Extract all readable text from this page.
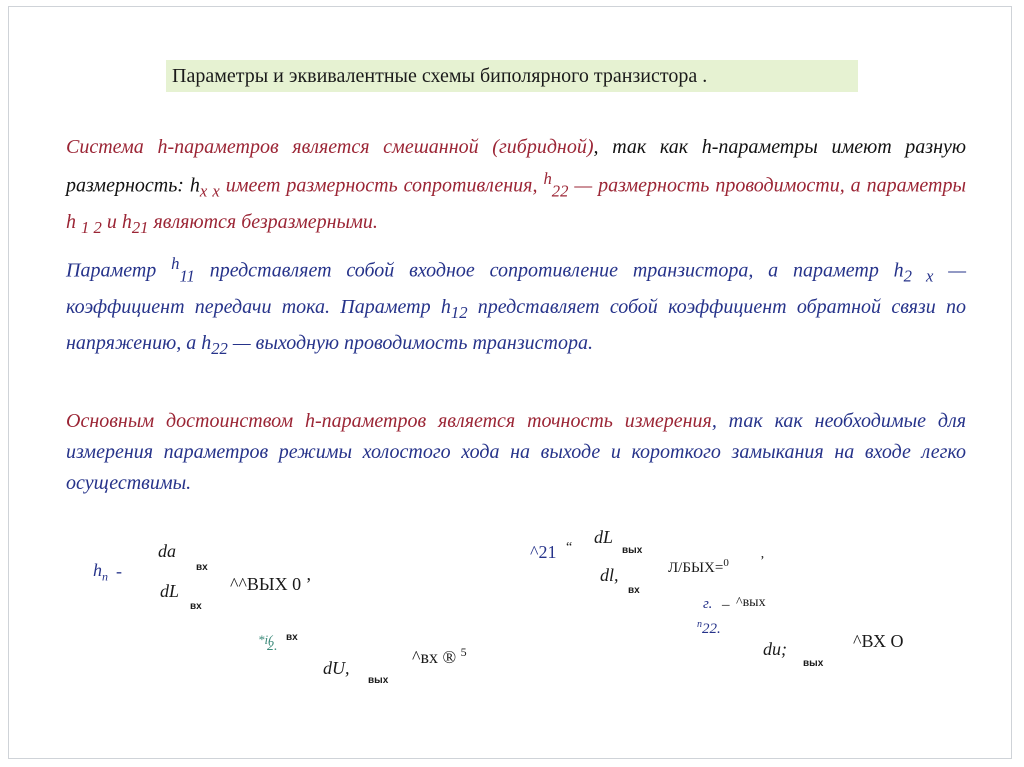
Параметры и эквивалентные схемы биполярного транзистора .
Система h-параметров является смешанной (гибридной), так как h-параметры имеют разную размерность: $h_{x x}$ имеет размерность сопротивления, $^h_{22}$ — размерность проводимости, а параметры h $_{1 2}$ и $h_{21}$ являются безразмерными.
Параметр $^h_{11}$ представляет собой входное сопротивление транзистора, а параметр $h_{2 x}$ — коэффициент передачи тока. Параметр $h_{12}$ представляет собой коэффициент обратной связи по напряжению, а $h_{22}$ — выходную проводимость транзистора.
Основным достоинством h-параметров является точность измерения, так как необходимые для измерения параметров режимы холостого хода на выходе и короткого замыкания на входе легко осуществимы.
$h_n$ -
da
вх
dL
вх
^^ВЫХ 0 ’
*i(
2.
вх
dU,
вых
^вх ® $^5$
^21 “
dL
вых
dl,
вх
Л/БЫХ=$^0$ ’
г. _ ^вых
$^n$22.
du;
вых
^ВХ О
